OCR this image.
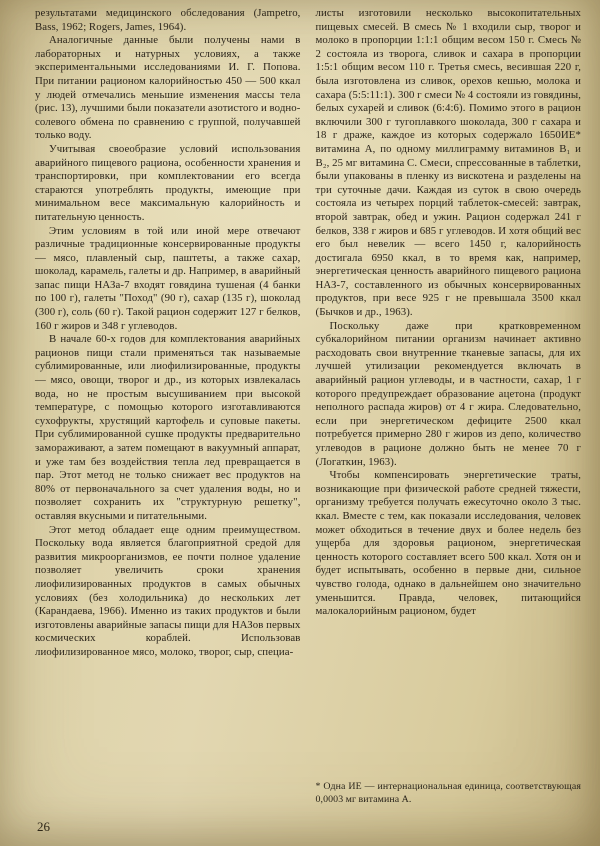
результатами медицинского обследования (Jampetro, Bass, 1962; Rogers, James, 1964).

Аналогичные данные были получены нами в лабораторных и натурных условиях, а также экспериментальными исследованиями И. Г. Попова. При питании рационом калорийностью 450 — 500 ккал у людей отмечались меньшие изменения массы тела (рис. 13), лучшими были показатели азотистого и водно-солевого обмена по сравнению с группой, получавшей только воду.

Учитывая своеобразие условий использования аварийного пищевого рациона, особенности хранения и транспортировки, при комплектовании его всегда стараются употреблять продукты, имеющие при минимальном весе максимальную калорийность и питательную ценность.

Этим условиям в той или иной мере отвечают различные традиционные консервированные продукты — мясо, плавленый сыр, паштеты, а также сахар, шоколад, карамель, галеты и др. Например, в аварийный запас пищи НАЗа-7 входят говядина тушеная (4 банки по 100 г), галеты "Поход" (90 г), сахар (135 г), шоколад (300 г), соль (60 г). Такой рацион содержит 127 г белков, 160 г жиров и 348 г углеводов.

В начале 60-х годов для комплектования аварийных рационов пищи стали применяться так называемые сублимированные, или лиофилизированные, продукты — мясо, овощи, творог и др., из которых извлекалась вода, но не простым высушиванием при высокой температуре, с помощью которого изготавливаются сухофрукты, хрустящий картофель и суповые пакеты. При сублимированной сушке продукты предварительно замораживают, а затем помещают в вакуумный аппарат, и уже там без воздействия тепла лед превращается в пар. Этот метод не только снижает вес продуктов на 80% от первоначального за счет удаления воды, но и позволяет сохранить их "структурную решетку", оставляя вкусными и питательными.

Этот метод обладает еще одним преимуществом. Поскольку вода является благоприятной средой для развития микроорганизмов, ее почти полное удаление позволяет увеличить сроки хранения лиофилизированных продуктов в самых обычных условиях (без холодильника) до нескольких лет (Карандаева, 1966). Именно из таких продуктов и были изготовлены аварийные запасы пищи для НАЗов первых космических кораблей. Использовав лиофилизированное мясо, молоко, творог, сыр, специа-

листы изготовили несколько высокопитательных пищевых смесей. В смесь № 1 входили сыр, творог и молоко в пропорции 1:1:1 общим весом 150 г. Смесь № 2 состояла из творога, сливок и сахара в пропорции 1:5:1 общим весом 110 г. Третья смесь, весившая 220 г, была изготовлена из сливок, орехов кешью, молока и сахара (5:5:11:1). 300 г смеси № 4 состояли из говядины, белых сухарей и сливок (6:4:6). Помимо этого в рацион включили 300 г тугоплавкого шоколада, 300 г сахара и 18 г драже, каждое из которых содержало 1650ИЕ* витамина А, по одному миллиграмму витаминов В₁ и В₂, 25 мг витамина С. Смеси, спрессованные в таблетки, были упакованы в пленку из вискотена и разделены на три суточные дачи. Каждая из суток в свою очередь состояла из четырех порций таблеток-смесей: завтрак, второй завтрак, обед и ужин. Рацион содержал 241 г белков, 338 г жиров и 685 г углеводов. И хотя общий вес его был невелик — всего 1450 г, калорийность достигала 6950 ккал, в то время как, например, энергетическая ценность аварийного пищевого рациона НАЗ-7, составленного из обычных консервированных продуктов, при весе 925 г не превышала 3500 ккал (Бычков и др., 1963).

Поскольку даже при кратковременном субкалорийном питании организм начинает активно расходовать свои внутренние тканевые запасы, для их лучшей утилизации рекомендуется включать в аварийный рацион углеводы, и в частности, сахар, 1 г которого предупреждает образование ацетона (продукт неполного распада жиров) от 4 г жира. Следовательно, если при энергетическом дефиците 2500 ккал потребуется примерно 280 г жиров из депо, количество углеводов в рационе должно быть не менее 70 г (Логаткин, 1963).

Чтобы компенсировать энергетические траты, возникающие при физической работе средней тяжести, организму требуется получать ежесуточно около 3 тыс. ккал. Вместе с тем, как показали исследования, человек может обходиться в течение двух и более недель без ущерба для здоровья рационом, энергетическая ценность которого составляет всего 500 ккал. Хотя он и будет испытывать, особенно в первые дни, сильное чувство голода, однако в дальнейшем оно значительно уменьшится. Правда, человек, питающийся малокалорийным рационом, будет

* Одна ИЕ — интернациональная единица, соответствующая 0,0003 мг витамина А.

26
